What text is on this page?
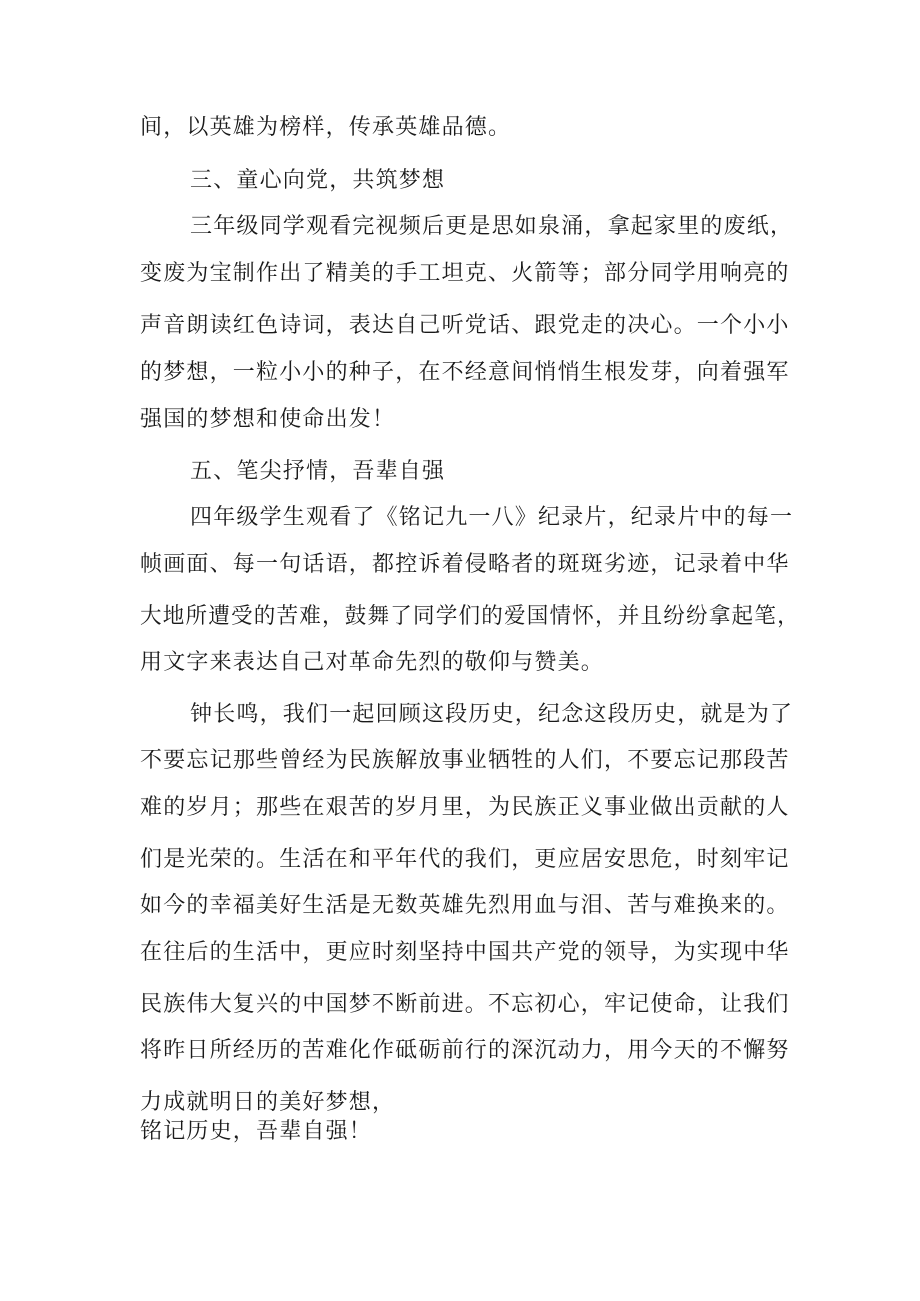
间，以英雄为榜样，传承英雄品德。
三、童心向党，共筑梦想
三年级同学观看完视频后更是思如泉涌，拿起家里的废纸，
变废为宝制作出了精美的手工坦克、火箭等；部分同学用响亮的
声音朗读红色诗词，表达自己听党话、跟党走的决心。一个小小
的梦想，一粒小小的种子，在不经意间悄悄生根发芽，向着强军
强国的梦想和使命出发！
五、笔尖抒情，吾辈自强
四年级学生观看了《铭记九一八》纪录片，纪录片中的每一
帧画面、每一句话语，都控诉着侵略者的斑斑劣迹，记录着中华
大地所遭受的苦难，鼓舞了同学们的爱国情怀，并且纷纷拿起笔，
用文字来表达自己对革命先烈的敬仰与赞美。
钟长鸣，我们一起回顾这段历史，纪念这段历史，就是为了
不要忘记那些曾经为民族解放事业牺牲的人们，不要忘记那段苦
难的岁月；那些在艰苦的岁月里，为民族正义事业做出贡献的人
们是光荣的。生活在和平年代的我们，更应居安思危，时刻牢记
如今的幸福美好生活是无数英雄先烈用血与泪、苦与难换来的。
在往后的生活中，更应时刻坚持中国共产党的领导，为实现中华
民族伟大复兴的中国梦不断前进。不忘初心，牢记使命，让我们
将昨日所经历的苦难化作砥砺前行的深沉动力，用今天的不懈努
力成就明日的美好梦想，
铭记历史，吾辈自强！
